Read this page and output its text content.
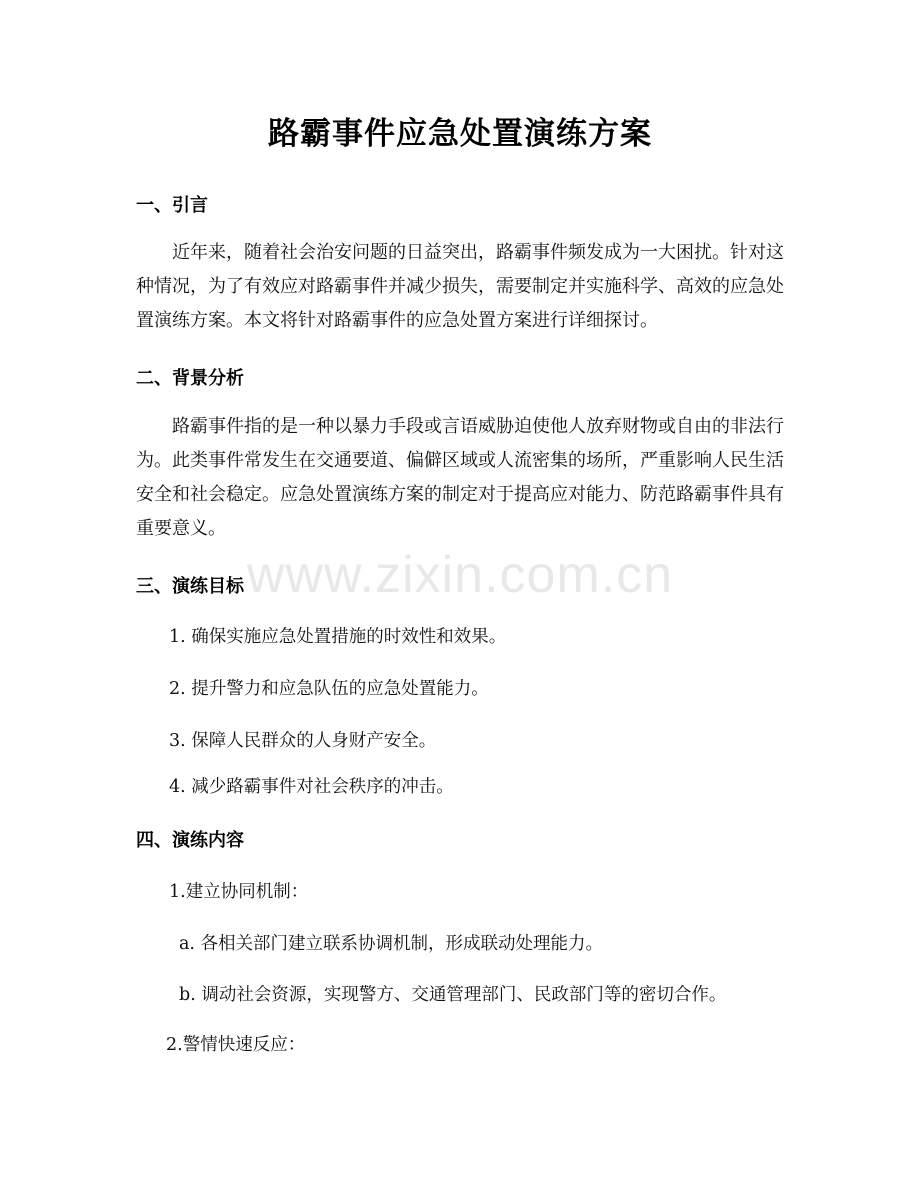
www.zixin.com.cn
路霸事件应急处置演练方案
一、引言

近年来，随着社会治安问题的日益突出，路霸事件频发成为一大困扰。针对这种情况，为了有效应对路霸事件并减少损失，需要制定并实施科学、高效的应急处置演练方案。本文将针对路霸事件的应急处置方案进行详细探讨。

二、背景分析

路霸事件指的是一种以暴力手段或言语威胁迫使他人放弃财物或自由的非法行为。此类事件常发生在交通要道、偏僻区域或人流密集的场所，严重影响人民生活安全和社会稳定。应急处置演练方案的制定对于提高应对能力、防范路霸事件具有重要意义。

三、演练目标

1. 确保实施应急处置措施的时效性和效果。

2. 提升警力和应急队伍的应急处置能力。

3. 保障人民群众的人身财产安全。

4. 减少路霸事件对社会秩序的冲击。

四、演练内容

1.建立协同机制：

a. 各相关部门建立联系协调机制，形成联动处理能力。

b. 调动社会资源，实现警方、交通管理部门、民政部门等的密切合作。

2.警情快速反应：
